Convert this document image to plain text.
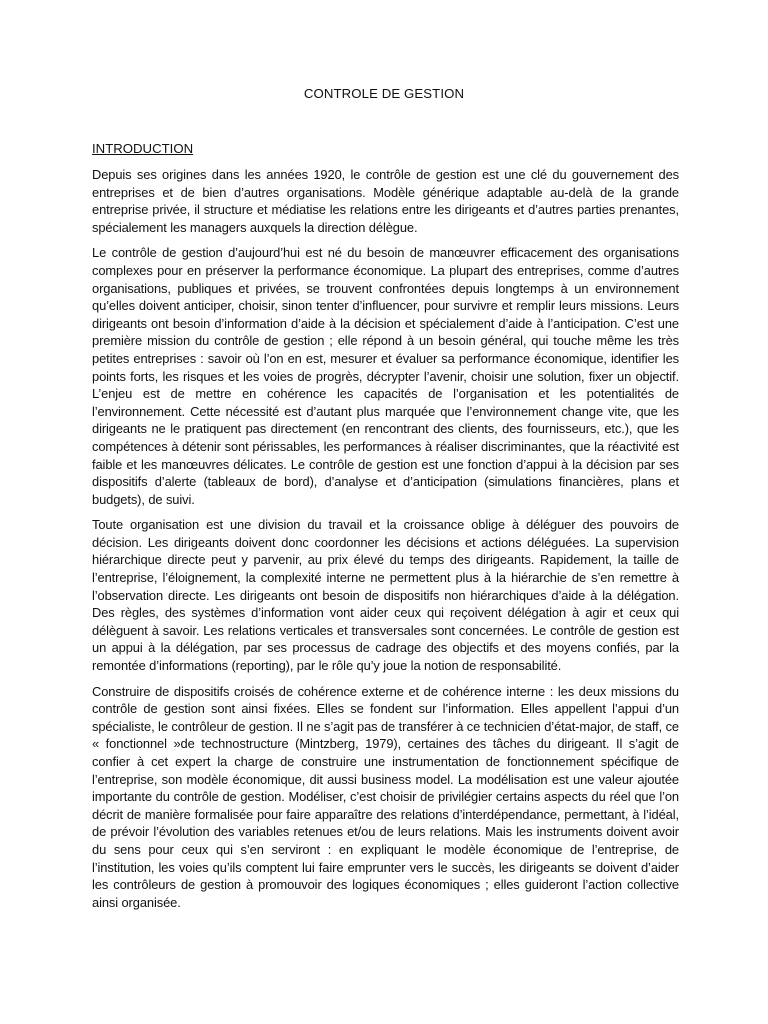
CONTROLE DE GESTION
INTRODUCTION

Depuis ses origines dans les années 1920, le contrôle de gestion est une clé du gouvernement des entreprises et de bien d’autres organisations. Modèle générique adaptable au-delà de la grande entreprise privée, il structure et médiatise les relations entre les dirigeants et d’autres parties prenantes, spécialement les managers auxquels la direction délègue.

Le contrôle de gestion d’aujourd’hui est né du besoin de manœuvrer efficacement des organisations complexes pour en préserver la performance économique. La plupart des entreprises, comme d’autres organisations, publiques et privées, se trouvent confrontées depuis longtemps à un environnement qu’elles doivent anticiper, choisir, sinon tenter d’influencer, pour survivre et remplir leurs missions. Leurs dirigeants ont besoin d’information d’aide à la décision et spécialement d’aide à l’anticipation. C’est une première mission du contrôle de gestion ; elle répond à un besoin général, qui touche même les très petites entreprises : savoir où l’on en est, mesurer et évaluer sa performance économique, identifier les points forts, les risques et les voies de progrès, décrypter l’avenir, choisir une solution, fixer un objectif. L’enjeu est de mettre en cohérence les capacités de l’organisation et les potentialités de l’environnement. Cette nécessité est d’autant plus marquée que l’environnement change vite, que les dirigeants ne le pratiquent pas directement (en rencontrant des clients, des fournisseurs, etc.), que les compétences à détenir sont périssables, les performances à réaliser discriminantes, que la réactivité est faible et les manœuvres délicates. Le contrôle de gestion est une fonction d’appui à la décision par ses dispositifs d’alerte (tableaux de bord), d’analyse et d’anticipation (simulations financières, plans et budgets), de suivi.

Toute organisation est une division du travail et la croissance oblige à déléguer des pouvoirs de décision. Les dirigeants doivent donc coordonner les décisions et actions déléguées. La supervision hiérarchique directe peut y parvenir, au prix élevé du temps des dirigeants. Rapidement, la taille de l’entreprise, l’éloignement, la complexité interne ne permettent plus à la hiérarchie de s’en remettre à l’observation directe. Les dirigeants ont besoin de dispositifs non hiérarchiques d’aide à la délégation. Des règles, des systèmes d’information vont aider ceux qui reçoivent délégation à agir et ceux qui délèguent à savoir. Les relations verticales et transversales sont concernées. Le contrôle de gestion est un appui à la délégation, par ses processus de cadrage des objectifs et des moyens confiés, par la remontée d’informations (reporting), par le rôle qu’y joue la notion de responsabilité.

Construire de dispositifs croisés de cohérence externe et de cohérence interne : les deux missions du contrôle de gestion sont ainsi fixées. Elles se fondent sur l’information. Elles appellent l’appui d’un spécialiste, le contrôleur de gestion. Il ne s’agit pas de transférer à ce technicien d’état-major, de staff, ce « fonctionnel »de technostructure (Mintzberg, 1979), certaines des tâches du dirigeant. Il s’agit de confier à cet expert la charge de construire une instrumentation de fonctionnement spécifique de l’entreprise, son modèle économique, dit aussi business model. La modélisation est une valeur ajoutée importante du contrôle de gestion. Modéliser, c’est choisir de privilégier certains aspects du réel que l’on décrit de manière formalisée pour faire apparaître des relations d’interdépendance, permettant, à l’idéal, de prévoir l’évolution des variables retenues et/ou de leurs relations. Mais les instruments doivent avoir du sens pour ceux qui s’en serviront : en expliquant le modèle économique de l’entreprise, de l’institution, les voies qu’ils comptent lui faire emprunter vers le succès, les dirigeants se doivent d’aider les contrôleurs de gestion à promouvoir des logiques économiques ; elles guideront l’action collective ainsi organisée.
